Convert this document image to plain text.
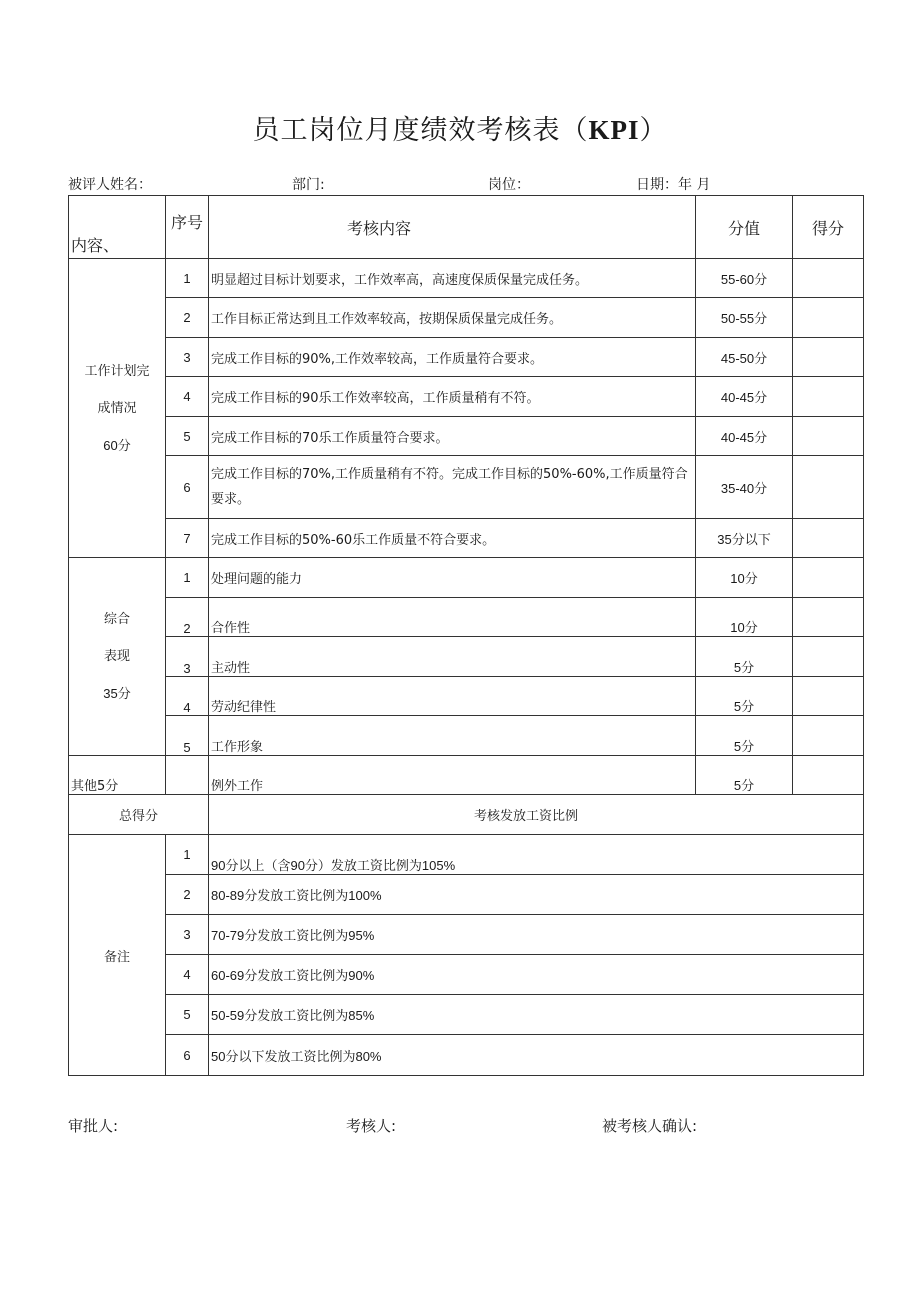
员工岗位月度绩效考核表（KPI）
被评人姓名：	部门:	岗位：	日期：年 月
内容、	序号	考核内容	分值	得分

工作计划完
成情况
60分	1	明显超过目标计划要求，工作效率高，高速度保质保量完成任务。	55-60分	
	2	工作目标正常达到且工作效率较高，按期保质保量完成任务。	50-55分	
	3	完成工作目标的90%,工作效率较高，工作质量符合要求。	45-50分	
	4	完成工作目标的90乐工作效率较高，工作质量稍有不符。	40-45分	
	5	完成工作目标的70乐工作质量符合要求。	40-45分	
	6	完成工作目标的70%,工作质量稍有不符。完成工作目标的50%-60%,工作质量符合要求。	35-40分	
	7	完成工作目标的50%-60乐工作质量不符合要求。	35分以下	

综合
表现
35分	1	处理问题的能力	10分	
	2	合作性	10分	
	3	主动性	5分	
	4	劳动纪律性	5分	
	5	工作形象	5分	
其他5分		例外工作	5分	
总得分		考核发放工资比例		
备注	1	90分以上（含90分）发放工资比例为105%		
	2	80-89分发放工资比例为100%		
	3	70-79分发放工资比例为95%		
	4	60-69分发放工资比例为90%		
	5	50-59分发放工资比例为85%		
	6	50分以下发放工资比例为80%		
审批人:	考核人:	被考核人确认:
